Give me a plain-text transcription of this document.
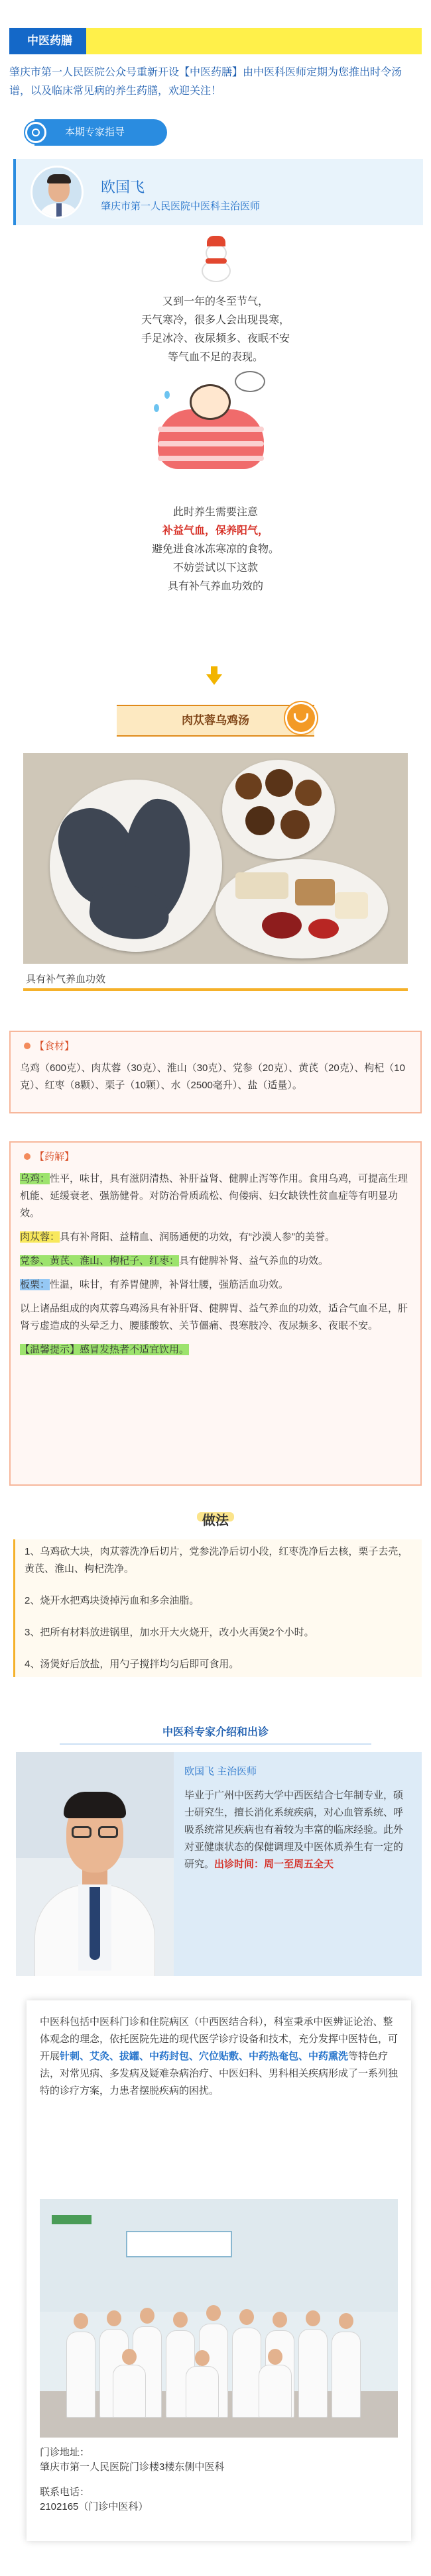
中医药膳
肇庆市第一人民医院公众号重新开设【中医药膳】由中医科医师定期为您推出时令汤谱，以及临床常见病的养生药膳，欢迎关注！
本期专家指导
欧国飞
肇庆市第一人民医院中医科主治医师
又到一年的冬至节气，
天气寒冷，很多人会出现畏寒，
手足冰冷、夜尿频多、夜眠不安
等气血不足的表现。
此时养生需要注意
补益气血，保养阳气，
避免进食冰冻寒凉的食物。
不妨尝试以下这款
具有补气养血功效的
肉苁蓉乌鸡汤
具有补气养血功效
【食材】

乌鸡（600克）、肉苁蓉（30克）、淮山（30克）、党参（20克）、黄芪（20克）、枸杞（10克）、红枣（8颗）、栗子（10颗）、水（2500毫升）、盐（适量）。

【药解】

乌鸡：性平，味甘，具有滋阴清热、补肝益肾、健脾止泻等作用。食用乌鸡，可提高生理机能、延缓衰老、强筋健骨。对防治骨质疏松、佝偻病、妇女缺铁性贫血症等有明显功效。

肉苁蓉：具有补肾阳、益精血、润肠通便的功效，有“沙漠人参”的美誉。

党参、黄芪、淮山、枸杞子、红枣：具有健脾补肾、益气养血的功效。

板栗：性温，味甘，有养胃健脾，补肾壮腰，强筋活血功效。

以上诸品组成的肉苁蓉乌鸡汤具有补肝肾、健脾胃、益气养血的功效，适合气血不足，肝肾亏虚造成的头晕乏力、腰膝酸软、关节僵痛、畏寒肢冷、夜尿频多、夜眠不安。

【温馨提示】感冒发热者不适宜饮用。

做法
1、乌鸡砍大块，肉苁蓉洗净后切片，党参洗净后切小段，红枣洗净后去核，栗子去壳，黄芪、淮山、枸杞洗净。
2、烧开水把鸡块烫掉污血和多余油脂。
3、把所有材料放进锅里，加水开大火烧开，改小火再煲2个小时。
4、汤煲好后放盐，用勺子搅拌均匀后即可食用。
中医科专家介绍和出诊
欧国飞 主治医师
毕业于广州中医药大学中西医结合七年制专业，硕士研究生，擅长消化系统疾病，对心血管系统、呼吸系统常见疾病也有着较为丰富的临床经验。此外对亚健康状态的保健调理及中医体质养生有一定的研究。出诊时间：周一至周五全天
中医科包括中医科门诊和住院病区（中西医结合科），科室秉承中医辨证论治、整体观念的理念，依托医院先进的现代医学诊疗设备和技术，充分发挥中医特色，可开展针刺、艾灸、拔罐、中药封包、穴位贴敷、中药热奄包、中药熏洗等特色疗法，对常见病、多发病及疑难杂病治疗、中医妇科、男科相关疾病形成了一系列独特的诊疗方案，力患者摆脱疾病的困扰。
门诊地址：
肇庆市第一人民医院门诊楼3楼东侧中医科
联系电话：
2102165（门诊中医科）
